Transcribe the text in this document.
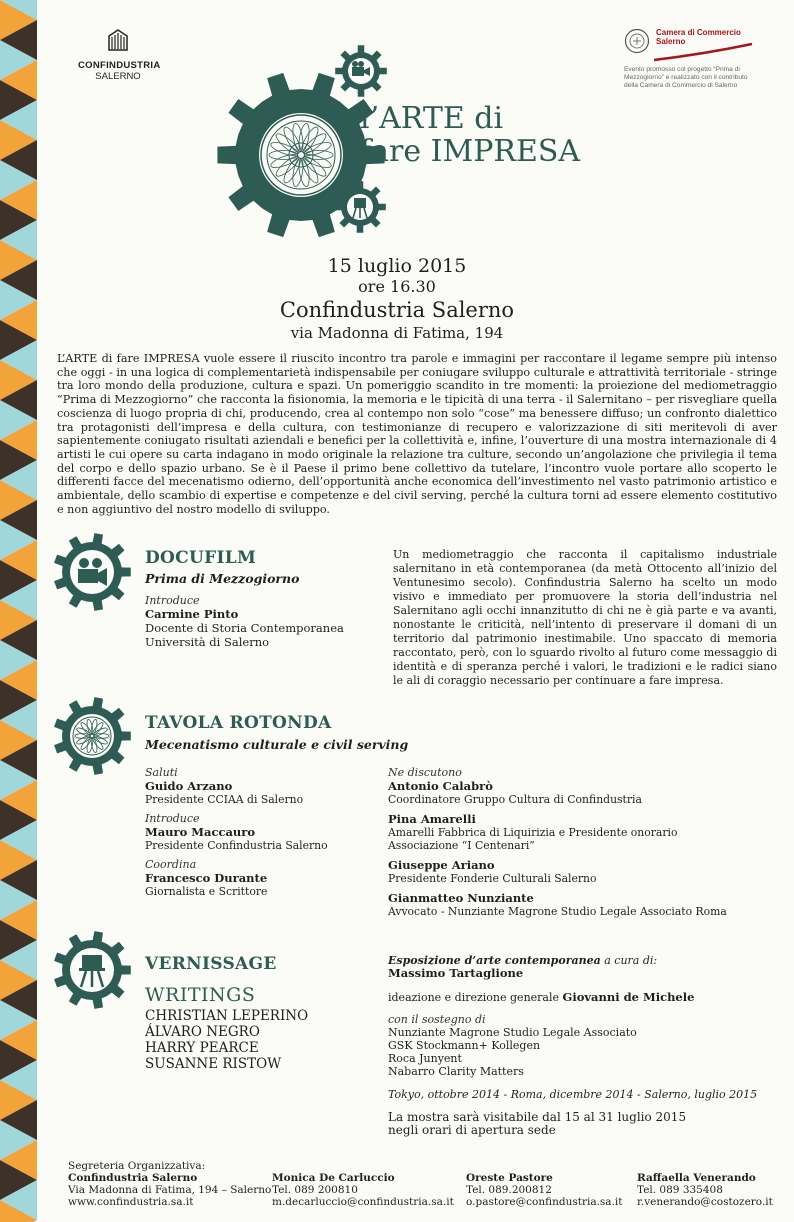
CONFINDUSTRIA
SALERNO
Camera di Commercio
Salerno
Evento promosso col progetto “Prima di Mezzogiorno” e realizzato con il contributo della Camera di Commercio di Salerno
l’ARTE di
fare IMPRESA
15 luglio 2015
ore 16.30
Confindustria Salerno
via Madonna di Fatima, 194
L’ARTE di fare IMPRESA vuole essere il riuscito incontro tra parole e immagini per raccontare il legame sempre più intenso che oggi - in una logica di complementarietà indispensabile per coniugare sviluppo culturale e attrattività territoriale - stringe tra loro mondo della produzione, cultura e spazi. Un pomeriggio scandito in tre momenti: la proiezione del mediometraggio “Prima di Mezzogiorno” che racconta la fisionomia, la memoria e le tipicità di una terra - il Salernitano – per risvegliare quella coscienza di luogo propria di chi, producendo, crea al contempo non solo “cose” ma benessere diffuso; un confronto dialettico tra protagonisti dell’impresa e della cultura, con testimonianze di recupero e valorizzazione di siti meritevoli di aver sapientemente coniugato risultati aziendali e benefici per la collettività e, infine, l’ouverture di una mostra internazionale di 4 artisti le cui opere su carta indagano in modo originale la relazione tra culture, secondo un’angolazione che privilegia il tema del corpo e dello spazio urbano. Se è il Paese il primo bene collettivo da tutelare, l’incontro vuole portare allo scoperto le differenti facce del mecenatismo odierno, dell’opportunità anche economica dell’investimento nel vasto patrimonio artistico e ambientale, dello scambio di expertise e competenze e del civil serving, perché la cultura torni ad essere elemento costitutivo e non aggiuntivo del nostro modello di sviluppo.
DOCUFILM
Prima di Mezzogiorno
Introduce
Carmine Pinto
Docente di Storia Contemporanea
Università di Salerno
Un mediometraggio che racconta il capitalismo industriale salernitano in età contemporanea (da metà Ottocento all’inizio del Ventunesimo secolo). Confindustria Salerno ha scelto un modo visivo e immediato per promuovere la storia dell’industria nel Salernitano agli occhi innanzitutto di chi ne è già parte e va avanti, nonostante le criticità, nell’intento di preservare il domani di un territorio dal patrimonio inestimabile. Uno spaccato di memoria raccontato, però, con lo sguardo rivolto al futuro come messaggio di identità e di speranza perché i valori, le tradizioni e le radici siano le ali di coraggio necessario per continuare a fare impresa.
TAVOLA ROTONDA
Mecenatismo culturale e civil serving
Saluti
Guido Arzano
Presidente CCIAA di Salerno
Introduce
Mauro Maccauro
Presidente Confindustria Salerno
Coordina
Francesco Durante
Giornalista e Scrittore
Ne discutono
Antonio Calabrò
Coordinatore Gruppo Cultura di Confindustria
Pina Amarelli
Amarelli Fabbrica di Liquirizia e Presidente onorario
Associazione “I Centenari”
Giuseppe Ariano
Presidente Fonderie Culturali Salerno
Gianmatteo Nunziante
Avvocato - Nunziante Magrone Studio Legale Associato Roma
VERNISSAGE
WRITINGS
CHRISTIAN LEPERINO
ÁLVARO NEGRO
HARRY PEARCE
SUSANNE RISTOW
Esposizione d’arte contemporanea a cura di:
Massimo Tartaglione
ideazione e direzione generale Giovanni de Michele
con il sostegno di
Nunziante Magrone Studio Legale Associato
GSK Stockmann+ Kollegen
Roca Junyent
Nabarro Clarity Matters
Tokyo, ottobre 2014 - Roma, dicembre 2014 - Salerno, luglio 2015
La mostra sarà visitabile dal 15 al 31 luglio 2015
negli orari di apertura sede
Segreteria Organizzativa:
Confindustria Salerno
Via Madonna di Fatima, 194 – Salerno
www.confindustria.sa.it
Monica De Carluccio
Tel. 089 200810
m.decarluccio@confindustria.sa.it
Oreste Pastore
Tel. 089.200812
o.pastore@confindustria.sa.it
Raffaella Venerando
Tel. 089 335408
r.venerando@costozero.it
